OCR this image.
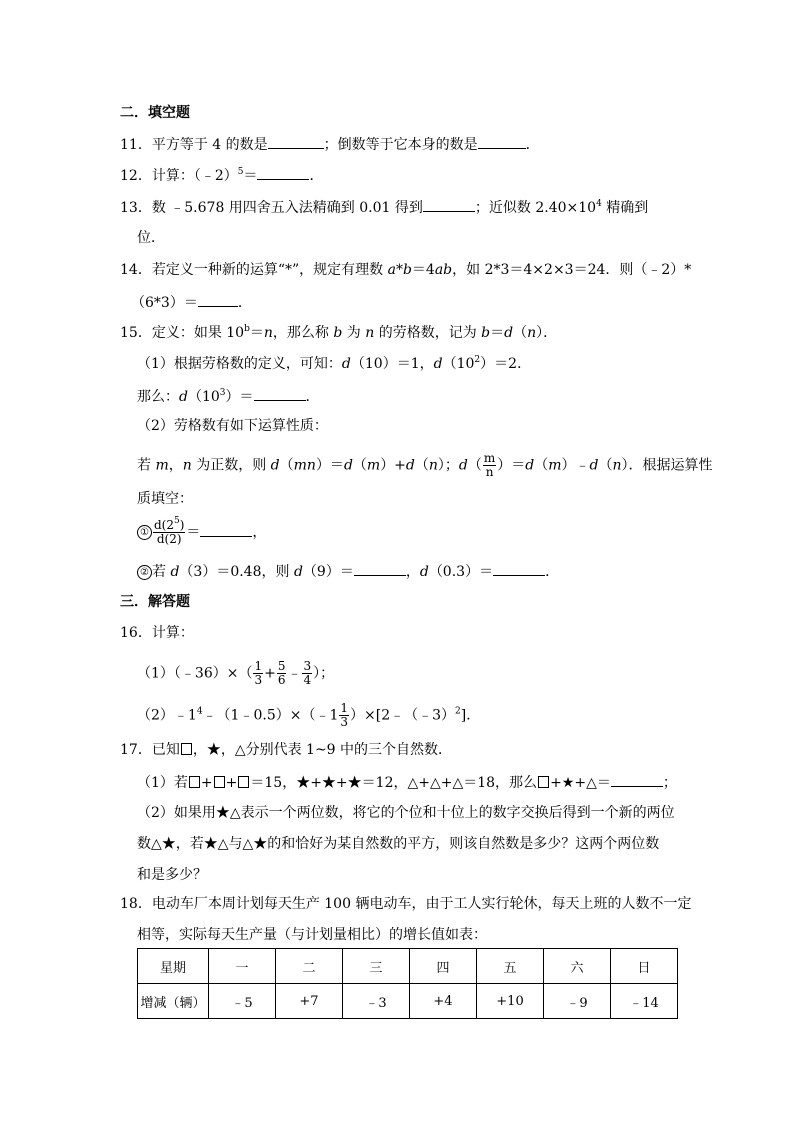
二．填空题
11．平方等于 4 的数是	；倒数等于它本身的数是	．
12．计算：（﹣2）$^5$＝	．
13．数 ﹣5.678 用四舍五入法精确到 0.01 得到	；近似数 $2.40\times 10^4$ 精确到
位．
14．若定义一种新的运算“*”，规定有理数 a*b＝4ab，如 2*3＝4×2×3＝24．则（﹣2）*
（6*3）＝	．
15．定义：如果 $10^b=n$，那么称 b 为 n 的劳格数，记为 b＝d（n）．
（1）根据劳格数的定义，可知：d（10）＝1，$d(10^2)=2$．
那么：$d(10^3)=$	．
（2）劳格数有如下运算性质：
若 m，n 为正数，则 d（mn）＝d（m）+d（n）；$d( \frac{m}{n}$ ）＝d（m）﹣d（n）．根据运算性
质填空：
① $\frac{d(2^5)}{d(2)}$ ＝	，
② 若 d（3）＝0.48，则 d（9）＝	，d（0.3）＝	．
三．解答题
16．计算：
（1）（﹣36）×（ $\frac{1}{3} + \frac{5}{6}$ ﹣ $\frac{3}{4}$ ）；
$(2)﹣1^4﹣(1﹣0.5)\times(﹣1 \frac{1}{3}$ ）×[2﹣（﹣3）$^2$]．
17．已知 ，★，△分别代表 1~9 中的三个自然数．
（1）若 + + ＝15，★+★+★＝12，△+△+△＝18，那么 +★+△＝	；
（2）如果用★△表示一个两位数，将它的个位和十位上的数字交换后得到一个新的两位
数△★，若★△与△★的和恰好为某自然数的平方，则该自然数是多少？这两个两位数
和是多少？
18．电动车厂本周计划每天生产 100 辆电动车，由于工人实行轮休，每天上班的人数不一定
相等，实际每天生产量（与计划量相比）的增长值如表：
星期	一	二	三	四	五	六	日
增减（辆）	﹣5	+7	﹣3	+4	+10	﹣9	﹣14
